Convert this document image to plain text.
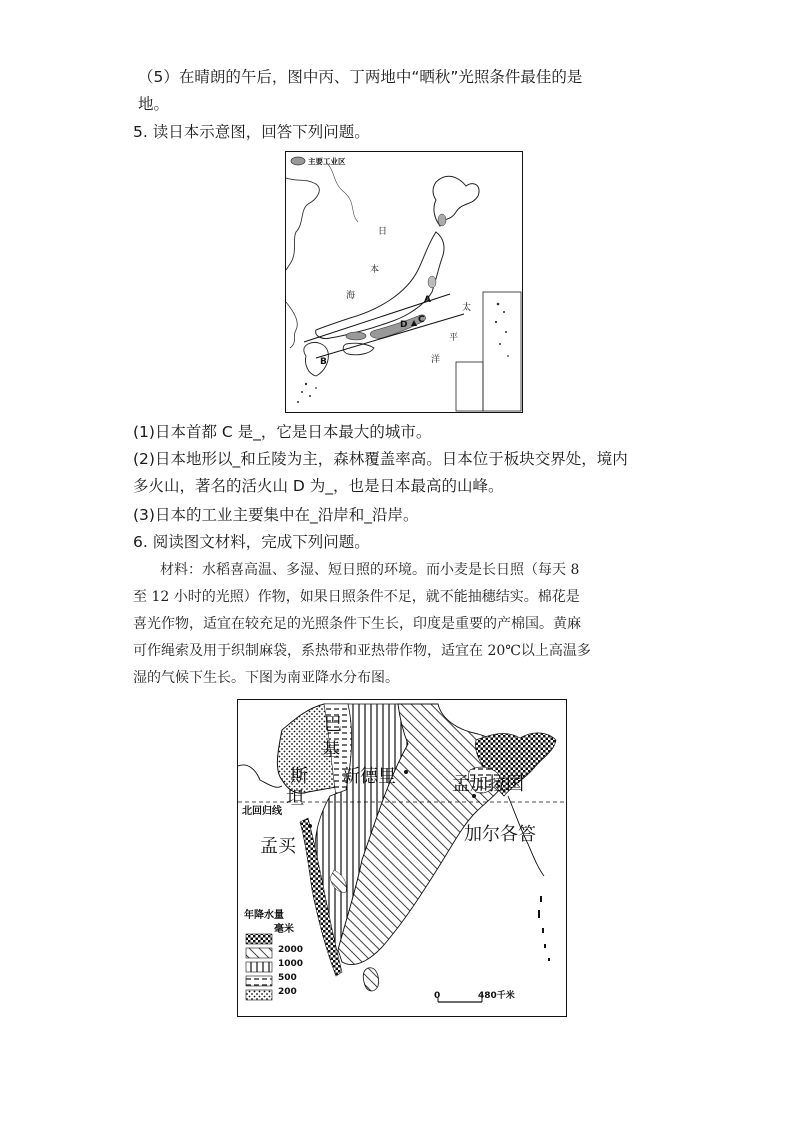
（5）在晴朗的午后，图中丙、丁两地中“晒秋”光照条件最佳的是
地。
5. 读日本示意图，回答下列问题。
主要工业区
日
本
海
太
平
洋
A
B
C
D
(1)日本首都 C 是_，它是日本最大的城市。
(2)日本地形以_和丘陵为主，森林覆盖率高。日本位于板块交界处，境内
多火山，著名的活火山 D 为_，也是日本最高的山峰。
(3)日本的工业主要集中在_沿岸和_沿岸。
6. 阅读图文材料，完成下列问题。
材料：水稻喜高温、多湿、短日照的环境。而小麦是长日照（每天 8
至 12 小时的光照）作物，如果日照条件不足，就不能抽穗结实。棉花是
喜光作物，适宜在较充足的光照条件下生长，印度是重要的产棉国。黄麻
可作绳索及用于织制麻袋，系热带和亚热带作物，适宜在 20℃以上高温多
湿的气候下生长。下图为南亚降水分布图。
巴
基
斯
坦
新德里	孟加拉国
北回归线
孟买
加尔各答
年降水量
毫米
2000
1000
500
200	0	480千米
